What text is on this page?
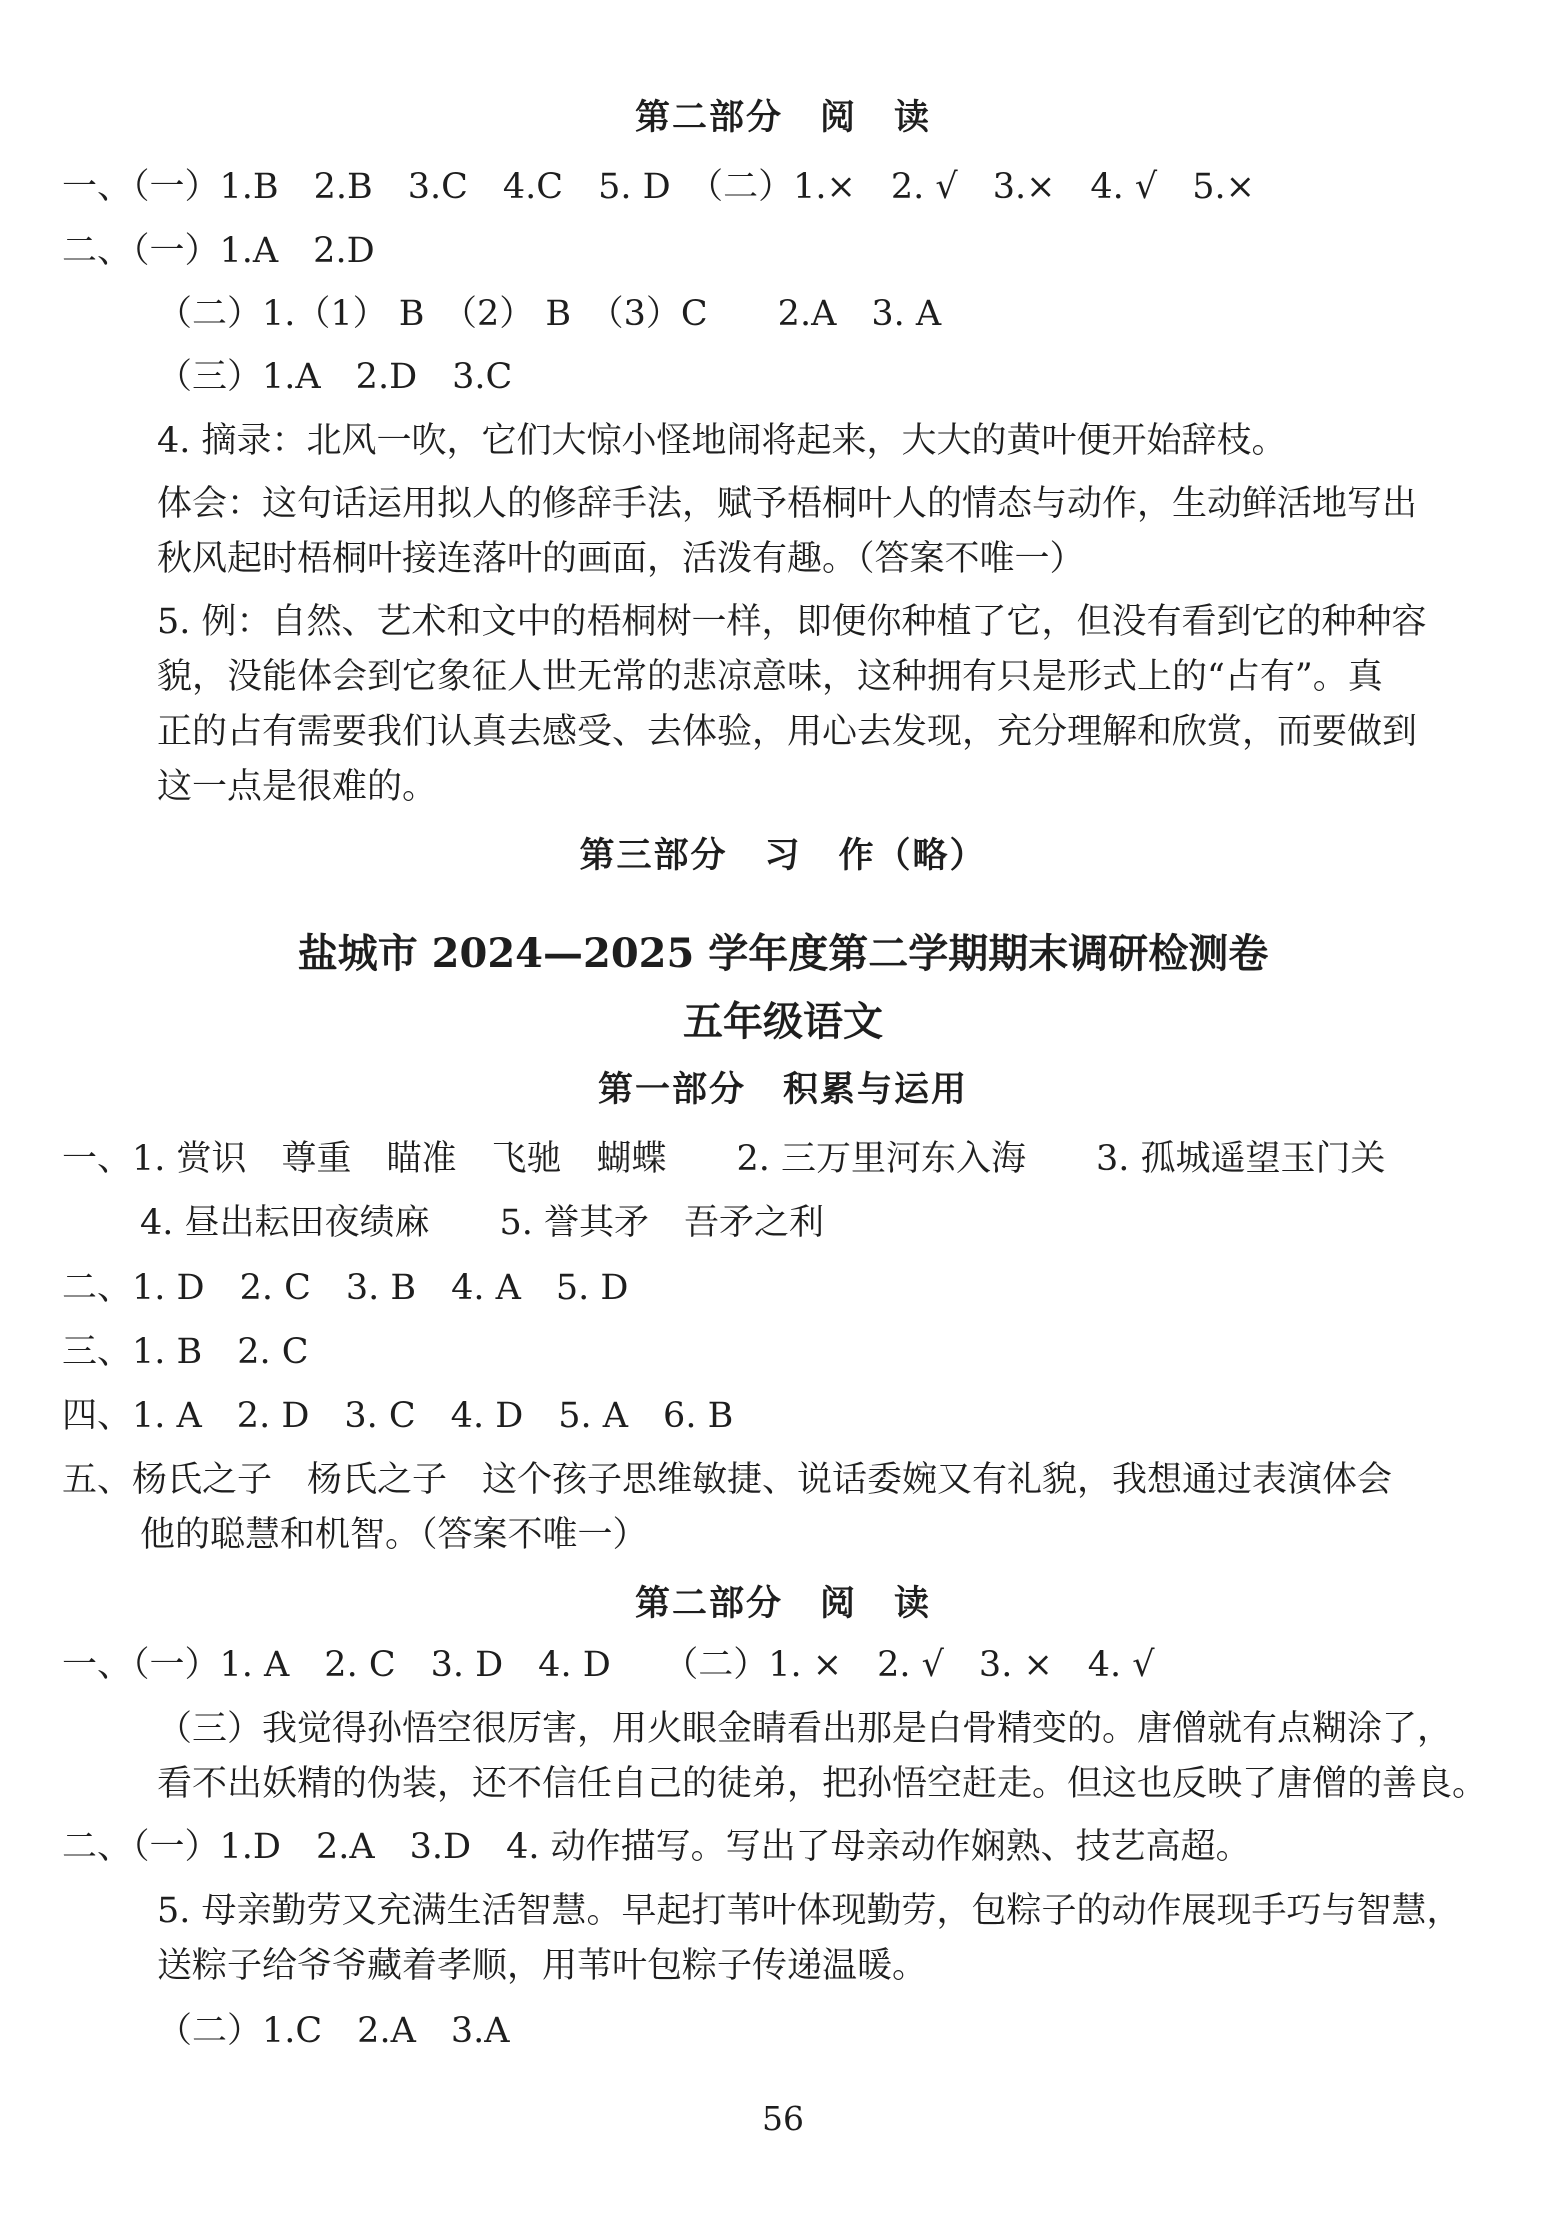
第二部分　阅　读
一、（一）1.B　2.B　3.C　4.C　5. D　（二）1.×　2. √　3.×　4. √　5.×
二、（一）1.A　2.D
（二）1.（1） B　（2） B　（3）C　　2.A　3. A
（三）1.A　2.D　3.C
4. 摘录：北风一吹，它们大惊小怪地闹将起来，大大的黄叶便开始辞枝。
体会：这句话运用拟人的修辞手法，赋予梧桐叶人的情态与动作，生动鲜活地写出
秋风起时梧桐叶接连落叶的画面，活泼有趣。（答案不唯一）
5. 例：自然、艺术和文中的梧桐树一样，即便你种植了它，但没有看到它的种种容
貌，没能体会到它象征人世无常的悲凉意味，这种拥有只是形式上的“占有”。真
正的占有需要我们认真去感受、去体验，用心去发现，充分理解和欣赏，而要做到
这一点是很难的。
第三部分　习　作（略）
盐城市 2024—2025 学年度第二学期期末调研检测卷
五年级语文
第一部分　积累与运用
一、1. 赏识　尊重　瞄准　飞驰　蝴蝶　　2. 三万里河东入海　　3. 孤城遥望玉门关
4. 昼出耘田夜绩麻　　5. 誉其矛　吾矛之利
二、1. D　2. C　3. B　4. A　5. D
三、1. B　2. C
四、1. A　2. D　3. C　4. D　5. A　6. B
五、杨氏之子　杨氏之子　这个孩子思维敏捷、说话委婉又有礼貌，我想通过表演体会
他的聪慧和机智。（答案不唯一）
第二部分　阅　读
一、（一）1. A　2. C　3. D　4. D　　（二）1. ×　2. √　3. ×　4. √
（三）我觉得孙悟空很厉害，用火眼金睛看出那是白骨精变的。唐僧就有点糊涂了，
看不出妖精的伪装，还不信任自己的徒弟，把孙悟空赶走。但这也反映了唐僧的善良。
二、（一）1.D　2.A　3.D　4. 动作描写。写出了母亲动作娴熟、技艺高超。
5. 母亲勤劳又充满生活智慧。早起打苇叶体现勤劳，包粽子的动作展现手巧与智慧，
送粽子给爷爷藏着孝顺，用苇叶包粽子传递温暖。
（二）1.C　2.A　3.A
56
